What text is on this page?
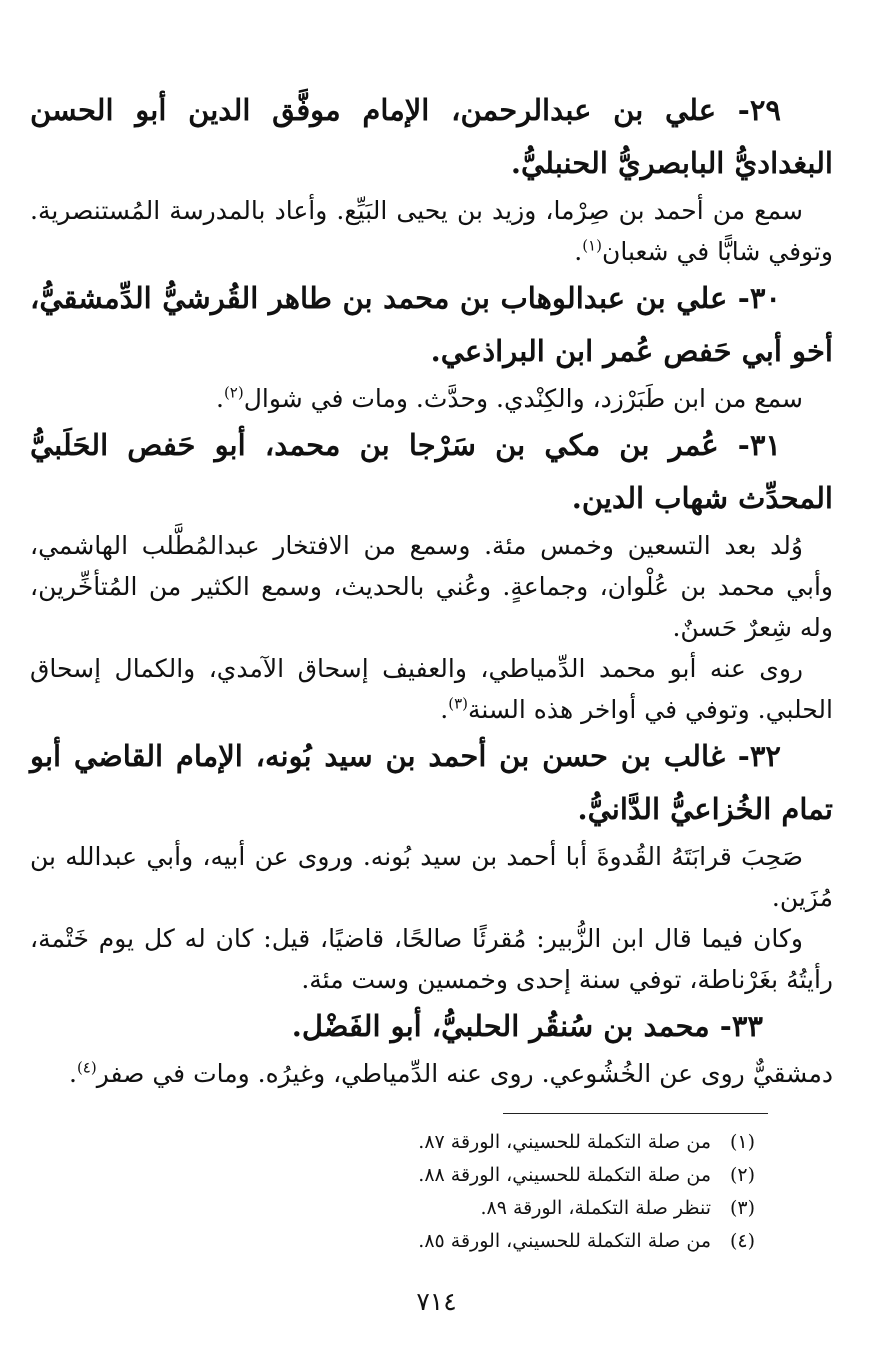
٢٩- علي بن عبدالرحمن، الإمام موفَّق الدين أبو الحسن البغداديُّ البابصريُّ الحنبليُّ.

سمع من أحمد بن صِرْما، وزيد بن يحيى البَيِّع. وأعاد بالمدرسة المُستنصرية. وتوفي شابًّا في شعبان$^{(١)}$.

٣٠- علي بن عبدالوهاب بن محمد بن طاهر القُرشيُّ الدِّمشقيُّ، أخو أبي حَفص عُمر ابن البراذعي.

سمع من ابن طَبَرْزد، والكِنْدي. وحدَّث. ومات في شوال$^{(٢)}$.

٣١- عُمر بن مكي بن سَرْجا بن محمد، أبو حَفص الحَلَبيُّ المحدِّث شهاب الدين.

وُلد بعد التسعين وخمس مئة. وسمع من الافتخار عبدالمُطَّلب الهاشمي، وأبي محمد بن عُلْوان، وجماعةٍ. وعُني بالحديث، وسمع الكثير من المُتأخِّرين، وله شِعرٌ حَسنٌ.

روى عنه أبو محمد الدِّمياطي، والعفيف إسحاق الآمدي، والكمال إسحاق الحلبي. وتوفي في أواخر هذه السنة$^{(٣)}$.

٣٢- غالب بن حسن بن أحمد بن سيد بُونه، الإمام القاضي أبو تمام الخُزاعيُّ الدَّانيُّ.

صَحِبَ قرابَتَهُ القُدوةَ أبا أحمد بن سيد بُونه. وروى عن أبيه، وأبي عبدالله بن مُزَين.

وكان فيما قال ابن الزُّبير: مُقرئًا صالحًا، قاضيًا، قيل: كان له كل يوم خَتْمة، رأيتُهُ بغَرْناطة، توفي سنة إحدى وخمسين وست مئة.

٣٣- محمد بن سُنقُر الحلبيُّ، أبو الفَضْل.

دمشقيٌّ روى عن الخُشُوعي. روى عنه الدِّمياطي، وغيرُه. ومات في صفر$^{(٤)}$.

(١)من صلة التكملة للحسيني، الورقة ٨٧.
(٢)من صلة التكملة للحسيني، الورقة ٨٨.
(٣)تنظر صلة التكملة، الورقة ٨٩.
(٤)من صلة التكملة للحسيني، الورقة ٨٥.
٧١٤
